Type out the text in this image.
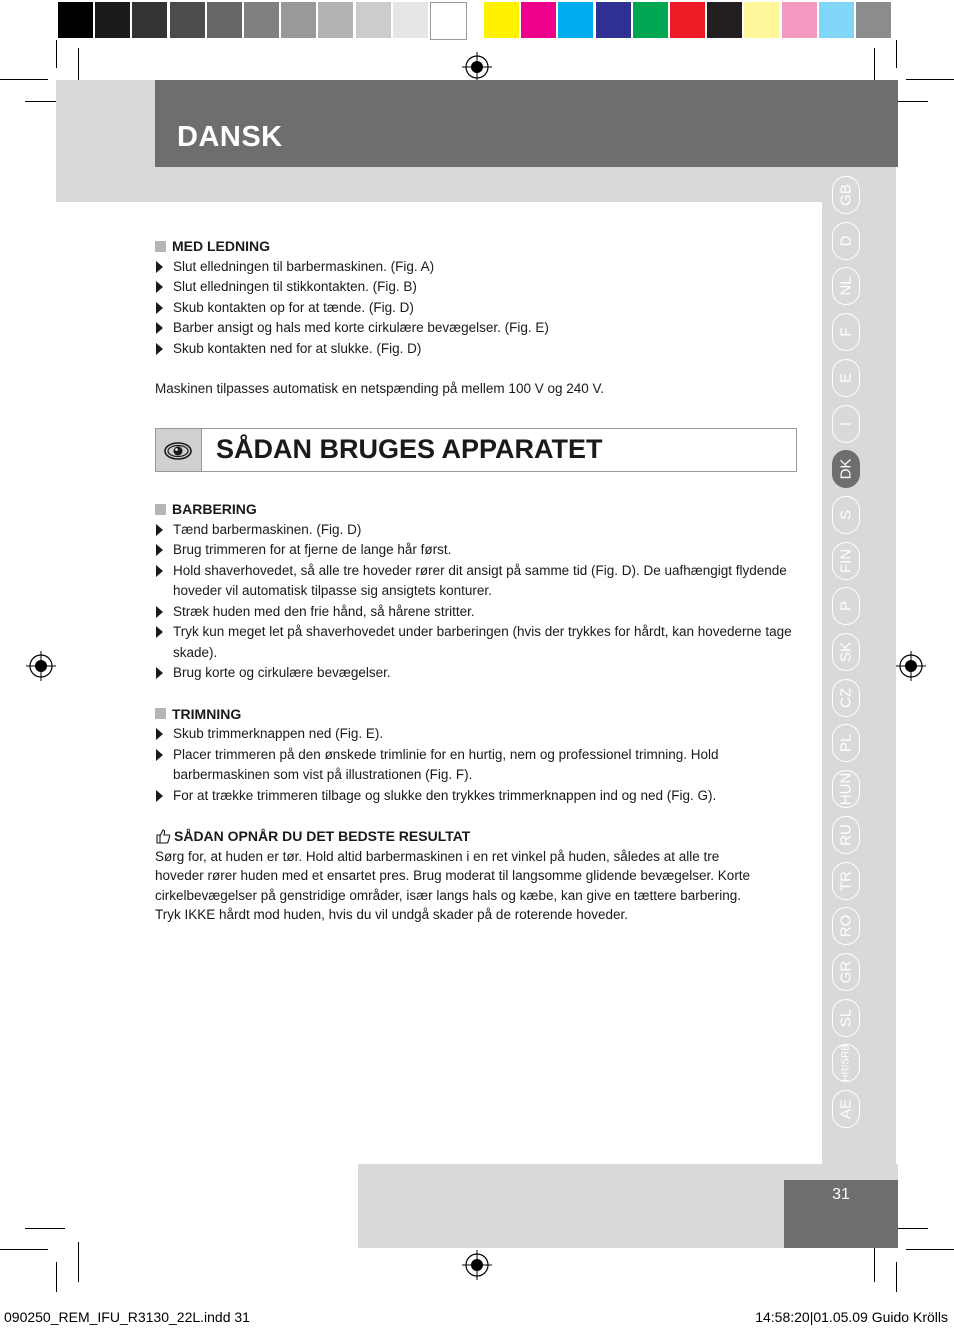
DANSK
GB
D
NL
F
E
I
DK
S
FIN
P
SK
CZ
PL
HUN
RU
TR
RO
GR
SL
HR/SRB
AE

MED LEDNING

Slut elledningen til barbermaskinen. (Fig. A)
Slut elledningen til stikkontakten. (Fig. B)
Skub kontakten op for at tænde. (Fig. D)
Barber ansigt og hals med korte cirkulære bevægelser. (Fig. E)
Skub kontakten ned for at slukke. (Fig. D)

Maskinen tilpasses automatisk en netspænding på mellem 100 V og 240 V.

SÅDAN BRUGES APPARATET

BARBERING

Tænd barbermaskinen. (Fig. D)
Brug trimmeren for at fjerne de lange hår først.
Hold shaverhovedet, så alle tre hoveder rører dit ansigt på samme tid (Fig. D). De uafhængigt flydende hoveder vil automatisk tilpasse sig ansigtets konturer.
Stræk huden med den frie hånd, så hårene stritter.
Tryk kun meget let på shaverhovedet under barberingen (hvis der trykkes for hårdt, kan hovederne tage skade).
Brug korte og cirkulære bevægelser.

TRIMNING

Skub trimmerknappen ned (Fig. E).
Placer trimmeren på den ønskede trimlinie for en hurtig, nem og professionel trimning. Hold barbermaskinen som vist på illustrationen (Fig. F).
For at trække trimmeren tilbage og slukke den trykkes trimmerknappen ind og ned (Fig. G).

SÅDAN OPNÅR DU DET BEDSTE RESULTAT

Sørg for, at huden er tør. Hold altid barbermaskinen i en ret vinkel på huden, således at alle tre hoveder rører huden med et ensartet pres. Brug moderat til langsomme glidende bevægelser. Korte cirkelbevægelser på genstridige områder, især langs hals og kæbe, kan give en tættere barbering. Tryk IKKE hårdt mod huden, hvis du vil undgå skader på de roterende hoveder.

31
090250_REM_IFU_R3130_22L.indd 31	14:58:20|01.05.09 Guido Krölls
